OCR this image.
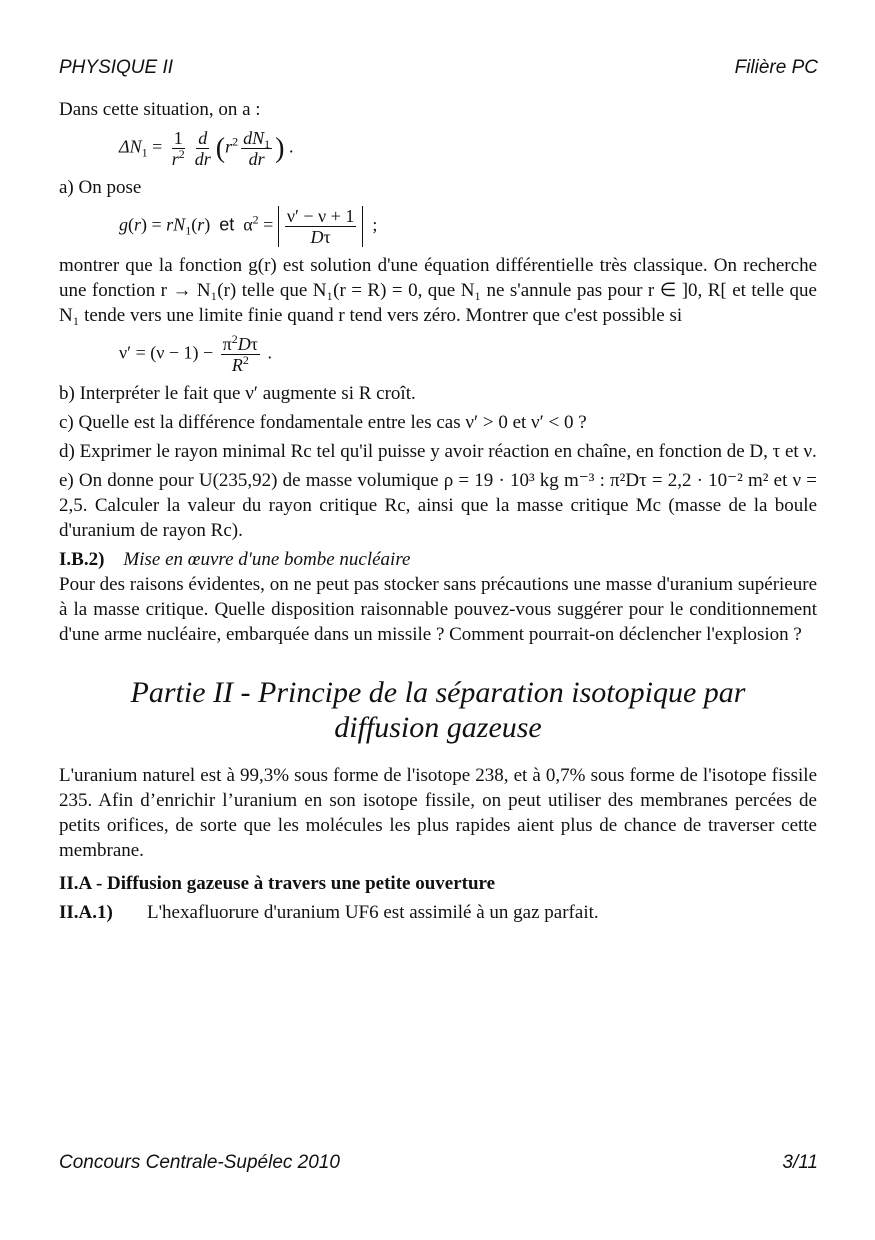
PHYSIQUE II	Filière PC

Dans cette situation, on a :

$\Delta N_1 = \frac{1}{r^2} \frac{d}{dr} (r^2 \frac{dN_1}{dr}$ ) .

a) On pose

$g(r) = rN_1(r)$  et  $\alpha^2 = \frac{\nu' - \nu + 1}{D\tau}$ ;

montrer que la fonction g(r) est solution d'une équation différentielle très classique. On recherche une fonction r → N₁(r) telle que N₁(r = R) = 0, que N₁ ne s'annule pas pour r ∈ ]0, R[ et telle que N₁ tende vers une limite finie quand r tend vers zéro. Montrer que c'est possible si

$\nu' = (\nu - 1) - \frac{\pi^2D\tau}{R^2}$ .

b) Interpréter le fait que ν′ augmente si R croît.

c) Quelle est la différence fondamentale entre les cas ν′ > 0 et ν′ < 0 ?

d) Exprimer le rayon minimal Rc tel qu'il puisse y avoir réaction en chaîne, en fonction de D, τ et ν.

e) On donne pour U(235,92) de masse volumique ρ = 19 · 10³ kg m⁻³ : π²Dτ = 2,2 · 10⁻² m² et ν = 2,5. Calculer la valeur du rayon critique Rc, ainsi que la masse critique Mc (masse de la boule d'uranium de rayon Rc).

I.B.2) Mise en œuvre d'une bombe nucléaire

Pour des raisons évidentes, on ne peut pas stocker sans précautions une masse d'uranium supérieure à la masse critique. Quelle disposition raisonnable pouvez-vous suggérer pour le conditionnement d'une arme nucléaire, embarquée dans un missile ? Comment pourrait-on déclencher l'explosion ?

Partie II - Principe de la séparation isotopique par diffusion gazeuse

L'uranium naturel est à 99,3% sous forme de l'isotope 238, et à 0,7% sous forme de l'isotope fissile 235. Afin d’enrichir l’uranium en son isotope fissile, on peut utiliser des membranes percées de petits orifices, de sorte que les molécules les plus rapides aient plus de chance de traverser cette membrane.

II.A - Diffusion gazeuse à travers une petite ouverture

II.A.1) L'hexafluorure d'uranium UF6 est assimilé à un gaz parfait.

Concours Centrale-Supélec 2010	3/11
